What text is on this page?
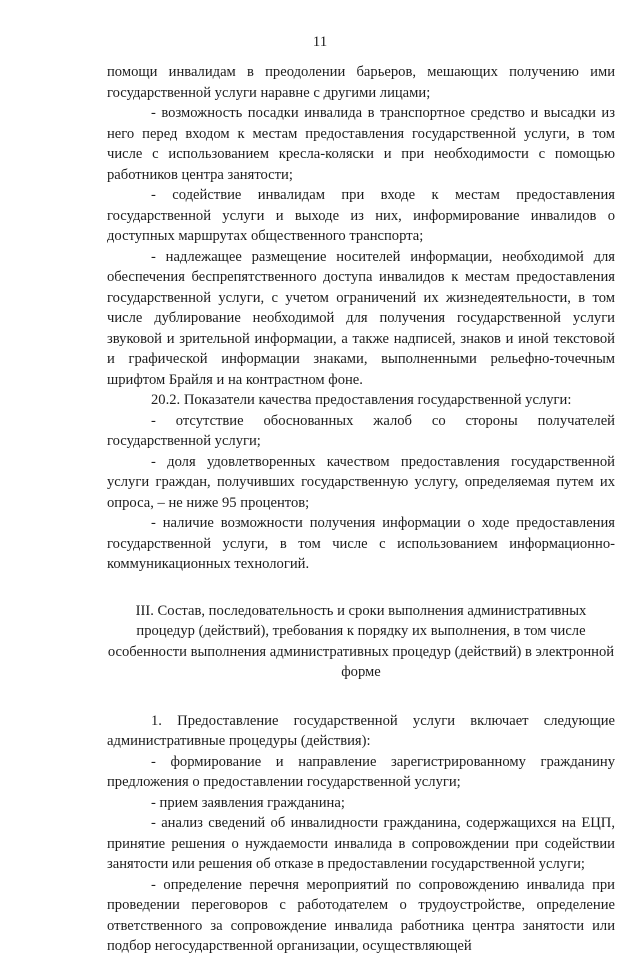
11

помощи инвалидам в преодолении барьеров, мешающих получению ими государственной услуги наравне с другими лицами;

- возможность посадки инвалида в транспортное средство и высадки из него перед входом к местам предоставления государственной услуги, в том числе с использованием кресла-коляски и при необходимости с помощью работников центра занятости;

- содействие инвалидам при входе к местам предоставления государственной услуги и выходе из них, информирование инвалидов о доступных маршрутах общественного транспорта;

- надлежащее размещение носителей информации, необходимой для обеспечения беспрепятственного доступа инвалидов к местам предоставления государственной услуги, с учетом ограничений их жизнедеятельности, в том числе дублирование необходимой для получения государственной услуги звуковой и зрительной информации, а также надписей, знаков и иной текстовой и графической информации знаками, выполненными рельефно-точечным шрифтом Брайля и на контрастном фоне.

20.2. Показатели качества предоставления государственной услуги:

- отсутствие обоснованных жалоб со стороны получателей государственной услуги;

- доля удовлетворенных качеством предоставления государственной услуги граждан, получивших государственную услугу, определяемая путем их опроса, – не ниже 95 процентов;

- наличие возможности получения информации о ходе предоставления государственной услуги, в том числе с использованием информационно-коммуникационных технологий.

III. Состав, последовательность и сроки выполнения административных процедур (действий), требования к порядку их выполнения, в том числе особенности выполнения административных процедур (действий) в электронной форме

1. Предоставление государственной услуги включает следующие административные процедуры (действия):

- формирование и направление зарегистрированному гражданину предложения о предоставлении государственной услуги;

- прием заявления гражданина;

- анализ сведений об инвалидности гражданина, содержащихся на ЕЦП, принятие решения о нуждаемости инвалида в сопровождении при содействии занятости или решения об отказе в предоставлении государственной услуги;

- определение перечня мероприятий по сопровождению инвалида при проведении переговоров с работодателем о трудоустройстве, определение ответственного за сопровождение инвалида работника центра занятости или подбор негосударственной организации, осуществляющей
